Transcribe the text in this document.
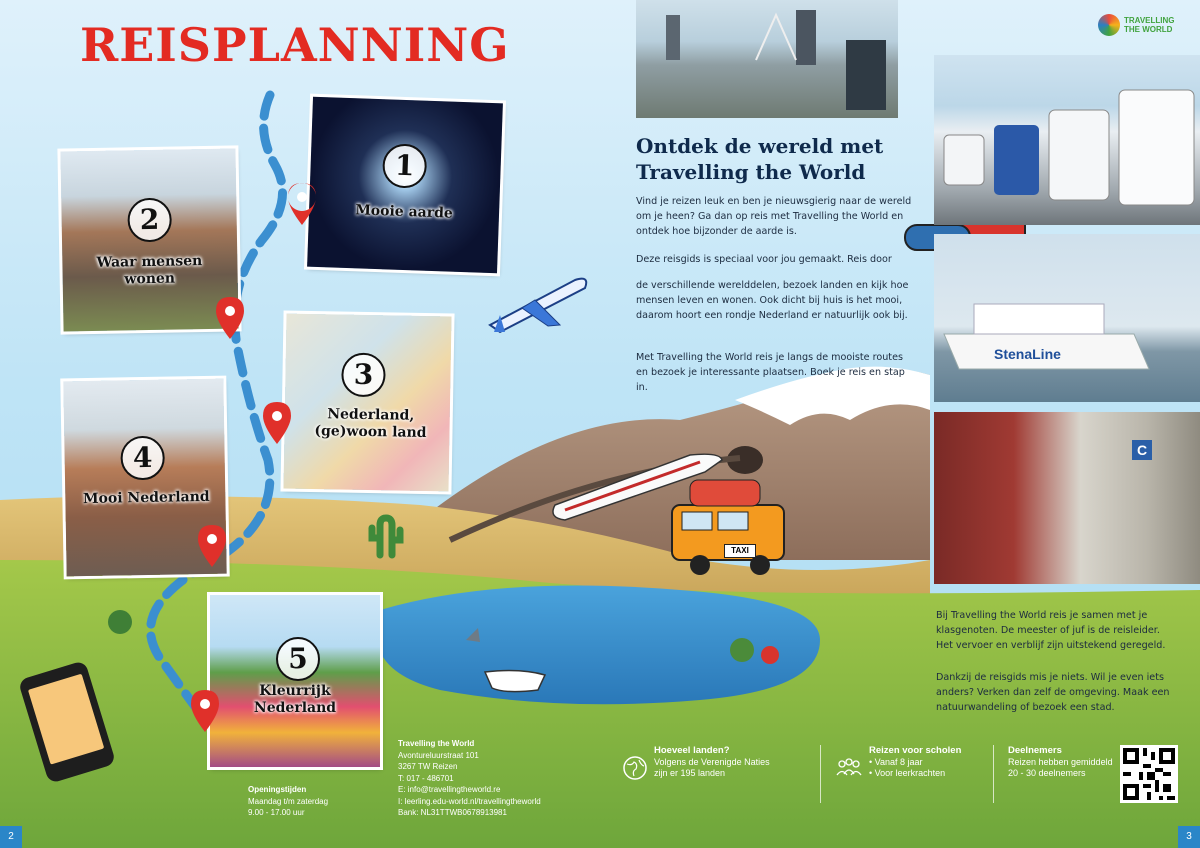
REISPLANNING	TRAVELLING
THE WORLD
1
Mooie aarde
2
Waar mensen wonen
3
Nederland, (ge)woon land
4
Mooi Nederland
5
Kleurrijk Nederland
Ontdek de wereld met Travelling the World

Vind je reizen leuk en ben je nieuwsgierig naar de wereld om je heen? Ga dan op reis met Travelling the World en ontdek hoe bijzonder de aarde is.

Deze reisgids is speciaal voor jou gemaakt. Reis door

de verschillende werelddelen, bezoek landen en kijk hoe mensen leven en wonen. Ook dicht bij huis is het mooi, daarom hoort een rondje Nederland er natuurlijk ook bij.

Met Travelling the World reis je langs de mooiste routes en bezoek je interessante plaatsen. Boek je reis en stap in.

StenaLine
C

Bij Travelling the World reis je samen met je klasgenoten. De meester of juf is de reisleider. Het vervoer en verblijf zijn uitstekend geregeld.

Dankzij de reisgids mis je niets. Wil je even iets anders? Verken dan zelf de omgeving. Maak een natuurwandeling of bezoek een stad.

TAXI
Openingstijden
Maandag t/m zaterdag
9.00 - 17.00 uur
Travelling the World
Avontureluurstraat 101
3267 TW Reizen
T: 017 - 486701
E: info@travellingtheworld.re
I: leerling.edu-world.nl/travellingtheworld
Bank: NL31TTWB0678913981
Hoeveel landen?
Volgens de Verenigde Naties
zijn er 195 landen
Reizen voor scholen
• Vanaf 8 jaar
• Voor leerkrachten
Deelnemers
Reizen hebben gemiddeld
20 - 30 deelnemers
2	3
